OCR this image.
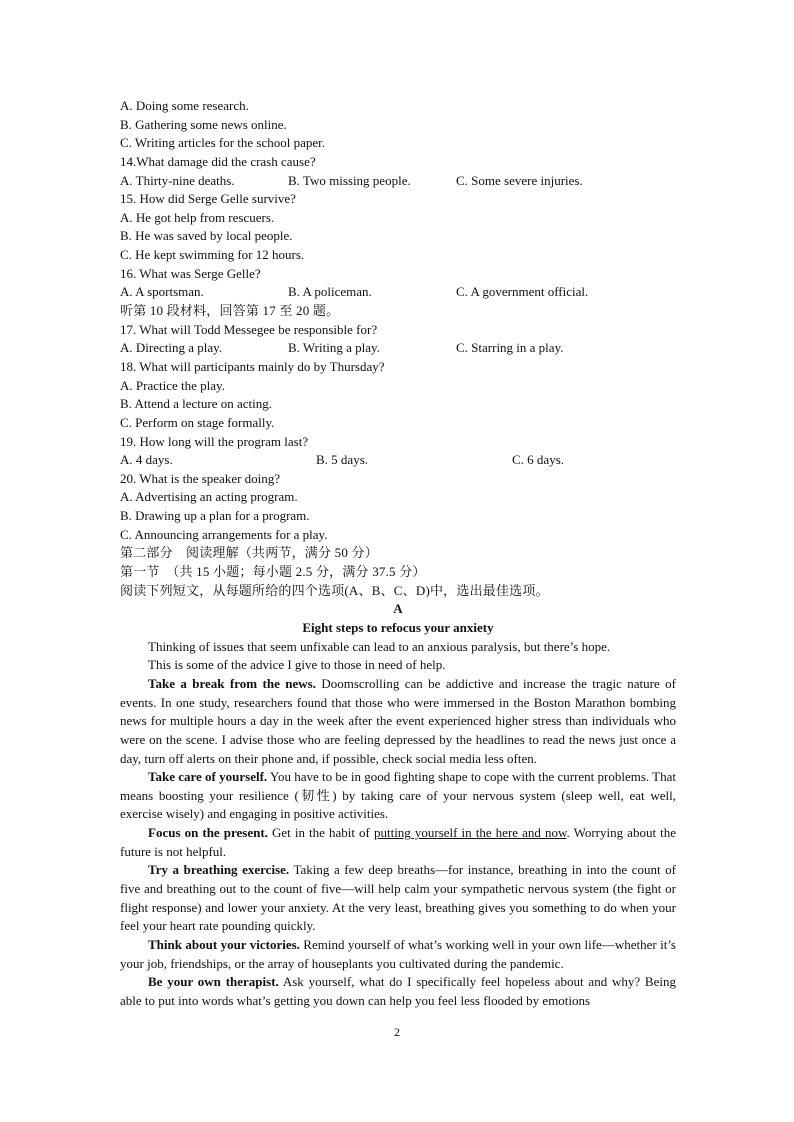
A. Doing some research.
B. Gathering some news online.
C. Writing articles for the school paper.
14.What damage did the crash cause?
A. Thirty-nine deaths.	B. Two missing people.	C. Some severe injuries.
15. How did Serge Gelle survive?
A. He got help from rescuers.
B. He was saved by local people.
C. He kept swimming for 12 hours.
16. What was Serge Gelle?
A. A sportsman.	B. A policeman.	C. A government official.
听第 10 段材料，回答第 17 至 20 题。
17. What will Todd Messegee be responsible for?
A. Directing a play.	B. Writing a play.	C. Starring in a play.
18. What will participants mainly do by Thursday?
A. Practice the play.
B. Attend a lecture on acting.
C. Perform on stage formally.
19. How long will the program last?
A. 4 days.	B. 5 days.	C. 6 days.
20. What is the speaker doing?
A. Advertising an acting program.
B. Drawing up a plan for a program.
C. Announcing arrangements for a play.
第二部分　阅读理解（共两节，满分 50 分）
第一节　（共 15 小题；每小题 2.5 分，满分 37.5 分）
阅读下列短文，从每题所给的四个选项(A、B、C、D)中，选出最佳选项。
A
Eight steps to refocus your anxiety

Thinking of issues that seem unfixable can lead to an anxious paralysis, but there’s hope.

This is some of the advice I give to those in need of help.

Take a break from the news. Doomscrolling can be addictive and increase the tragic nature of events. In one study, researchers found that those who were immersed in the Boston Marathon bombing news for multiple hours a day in the week after the event experienced higher stress than individuals who were on the scene. I advise those who are feeling depressed by the headlines to read the news just once a day, turn off alerts on their phone and, if possible, check social media less often.

Take care of yourself. You have to be in good fighting shape to cope with the current problems. That means boosting your resilience (韧性) by taking care of your nervous system (sleep well, eat well, exercise wisely) and engaging in positive activities.

Focus on the present. Get in the habit of putting yourself in the here and now. Worrying about the future is not helpful.

Try a breathing exercise. Taking a few deep breaths—for instance, breathing in into the count of five and breathing out to the count of five—will help calm your sympathetic nervous system (the fight or flight response) and lower your anxiety. At the very least, breathing gives you something to do when your feel your heart rate pounding quickly.

Think about your victories. Remind yourself of what’s working well in your own life—whether it’s your job, friendships, or the array of houseplants you cultivated during the pandemic.

Be your own therapist. Ask yourself, what do I specifically feel hopeless about and why? Being able to put into words what’s getting you down can help you feel less flooded by emotions

2
